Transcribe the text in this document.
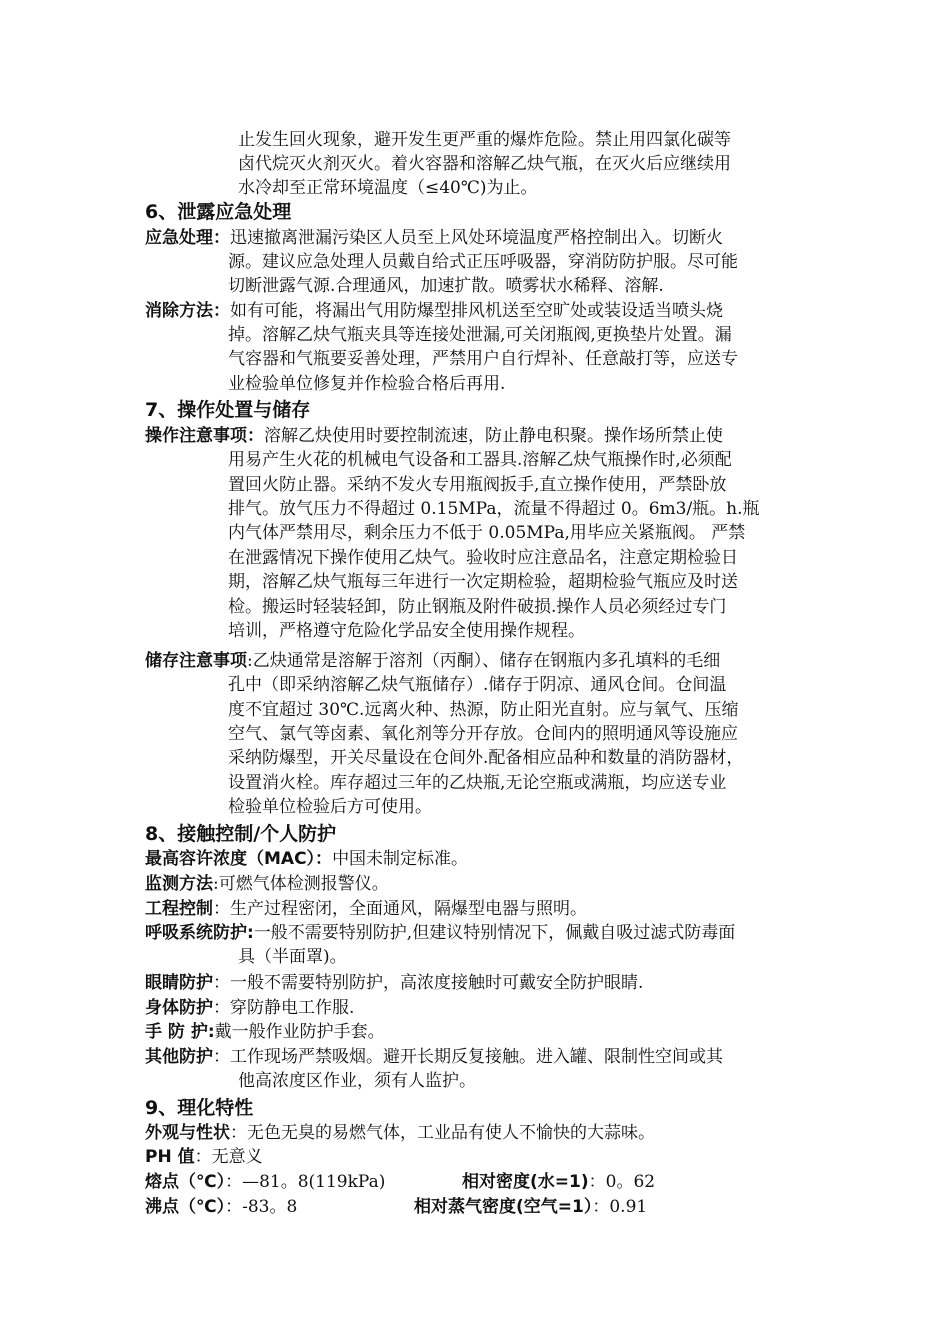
止发生回火现象，避开发生更严重的爆炸危险。禁止用四氯化碳等
卤代烷灭火剂灭火。着火容器和溶解乙炔气瓶，在灭火后应继续用
水冷却至正常环境温度（≤40℃)为止。
6、泄露应急处理
应急处理：迅速撤离泄漏污染区人员至上风处环境温度严格控制出入。切断火
源。建议应急处理人员戴自给式正压呼吸器，穿消防防护服。尽可能
切断泄露气源.合理通风，加速扩散。喷雾状水稀释、溶解.
消除方法：如有可能，将漏出气用防爆型排风机送至空旷处或装设适当喷头烧
掉。溶解乙炔气瓶夹具等连接处泄漏,可关闭瓶阀,更换垫片处置。漏
气容器和气瓶要妥善处理，严禁用户自行焊补、任意敲打等，应送专
业检验单位修复并作检验合格后再用.
7、操作处置与储存
操作注意事项：溶解乙炔使用时要控制流速，防止静电积聚。操作场所禁止使
用易产生火花的机械电气设备和工器具.溶解乙炔气瓶操作时,必须配
置回火防止器。采纳不发火专用瓶阀扳手,直立操作使用，严禁卧放
排气。放气压力不得超过 0.15MPa，流量不得超过 0。6m3/瓶。h.瓶
内气体严禁用尽，剩余压力不低于 0.05MPa,用毕应关紧瓶阀。 严禁
在泄露情况下操作使用乙炔气。验收时应注意品名，注意定期检验日
期，溶解乙炔气瓶每三年进行一次定期检验，超期检验气瓶应及时送
检。搬运时轻装轻卸，防止钢瓶及附件破损.操作人员必须经过专门
培训，严格遵守危险化学品安全使用操作规程。
储存注意事项:乙炔通常是溶解于溶剂（丙酮）、储存在钢瓶内多孔填料的毛细
孔中（即采纳溶解乙炔气瓶储存）.储存于阴凉、通风仓间。仓间温
度不宜超过 30℃.远离火种、热源，防止阳光直射。应与氧气、压缩
空气、氯气等卤素、氧化剂等分开存放。仓间内的照明通风等设施应
采纳防爆型，开关尽量设在仓间外.配备相应品种和数量的消防器材，
设置消火栓。库存超过三年的乙炔瓶,无论空瓶或满瓶，均应送专业
检验单位检验后方可使用。
8、接触控制/个人防护
最高容许浓度（MAC）：中国未制定标准。
监测方法:可燃气体检测报警仪。
工程控制：生产过程密闭，全面通风，隔爆型电器与照明。
呼吸系统防护:一般不需要特别防护,但建议特别情况下，佩戴自吸过滤式防毒面
具（半面罩)。
眼睛防护：一般不需要特别防护，高浓度接触时可戴安全防护眼睛.
身体防护：穿防静电工作服.
手 防 护:戴一般作业防护手套。
其他防护：工作现场严禁吸烟。避开长期反复接触。进入罐、限制性空间或其
他高浓度区作业，须有人监护。
9、理化特性
外观与性状：无色无臭的易燃气体，工业品有使人不愉快的大蒜味。
PH 值：无意义
熔点（℃）：—81。8(119kPa)	相对密度(水=1)：0。62
沸点（℃）：-83。8	相对蒸气密度(空气=1）：0.91
